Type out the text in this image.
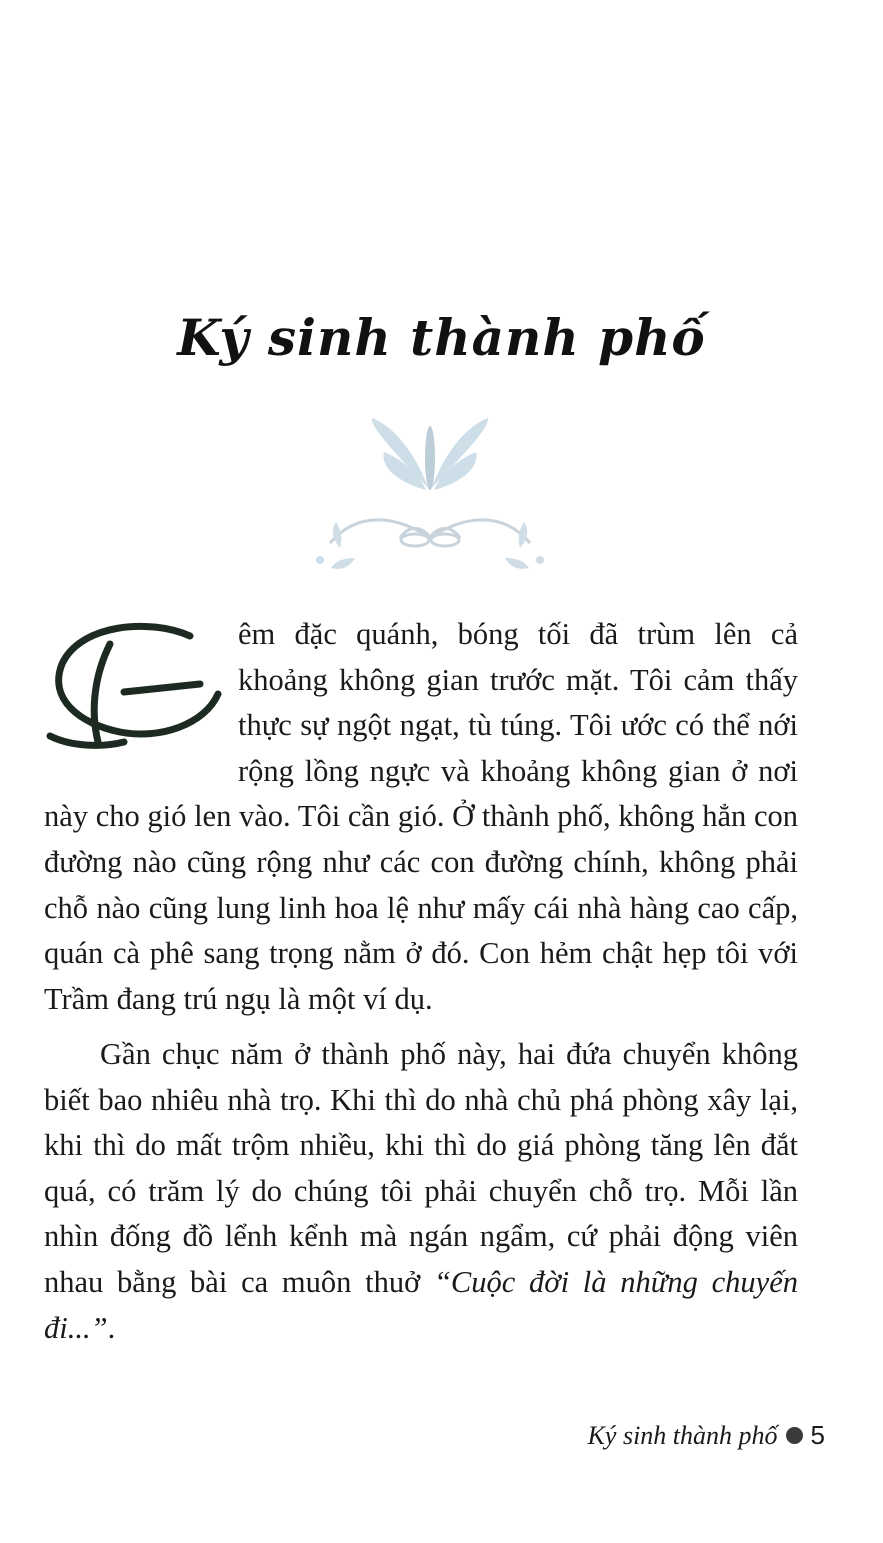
Ký sinh thành phố

êm đặc quánh, bóng tối đã trùm lên cả khoảng không gian trước mặt. Tôi cảm thấy thực sự ngột ngạt, tù túng. Tôi ước có thể nới rộng lồng ngực và khoảng không gian ở nơi này cho gió len vào. Tôi cần gió. Ở thành phố, không hẳn con đường nào cũng rộng như các con đường chính, không phải chỗ nào cũng lung linh hoa lệ như mấy cái nhà hàng cao cấp, quán cà phê sang trọng nằm ở đó. Con hẻm chật hẹp tôi với Trầm đang trú ngụ là một ví dụ.

Gần chục năm ở thành phố này, hai đứa chuyển không biết bao nhiêu nhà trọ. Khi thì do nhà chủ phá phòng xây lại, khi thì do mất trộm nhiều, khi thì do giá phòng tăng lên đắt quá, có trăm lý do chúng tôi phải chuyển chỗ trọ. Mỗi lần nhìn đống đồ lểnh kểnh mà ngán ngẩm, cứ phải động viên nhau bằng bài ca muôn thuở “Cuộc đời là những chuyến đi...”.

Ký sinh thành phố 5
